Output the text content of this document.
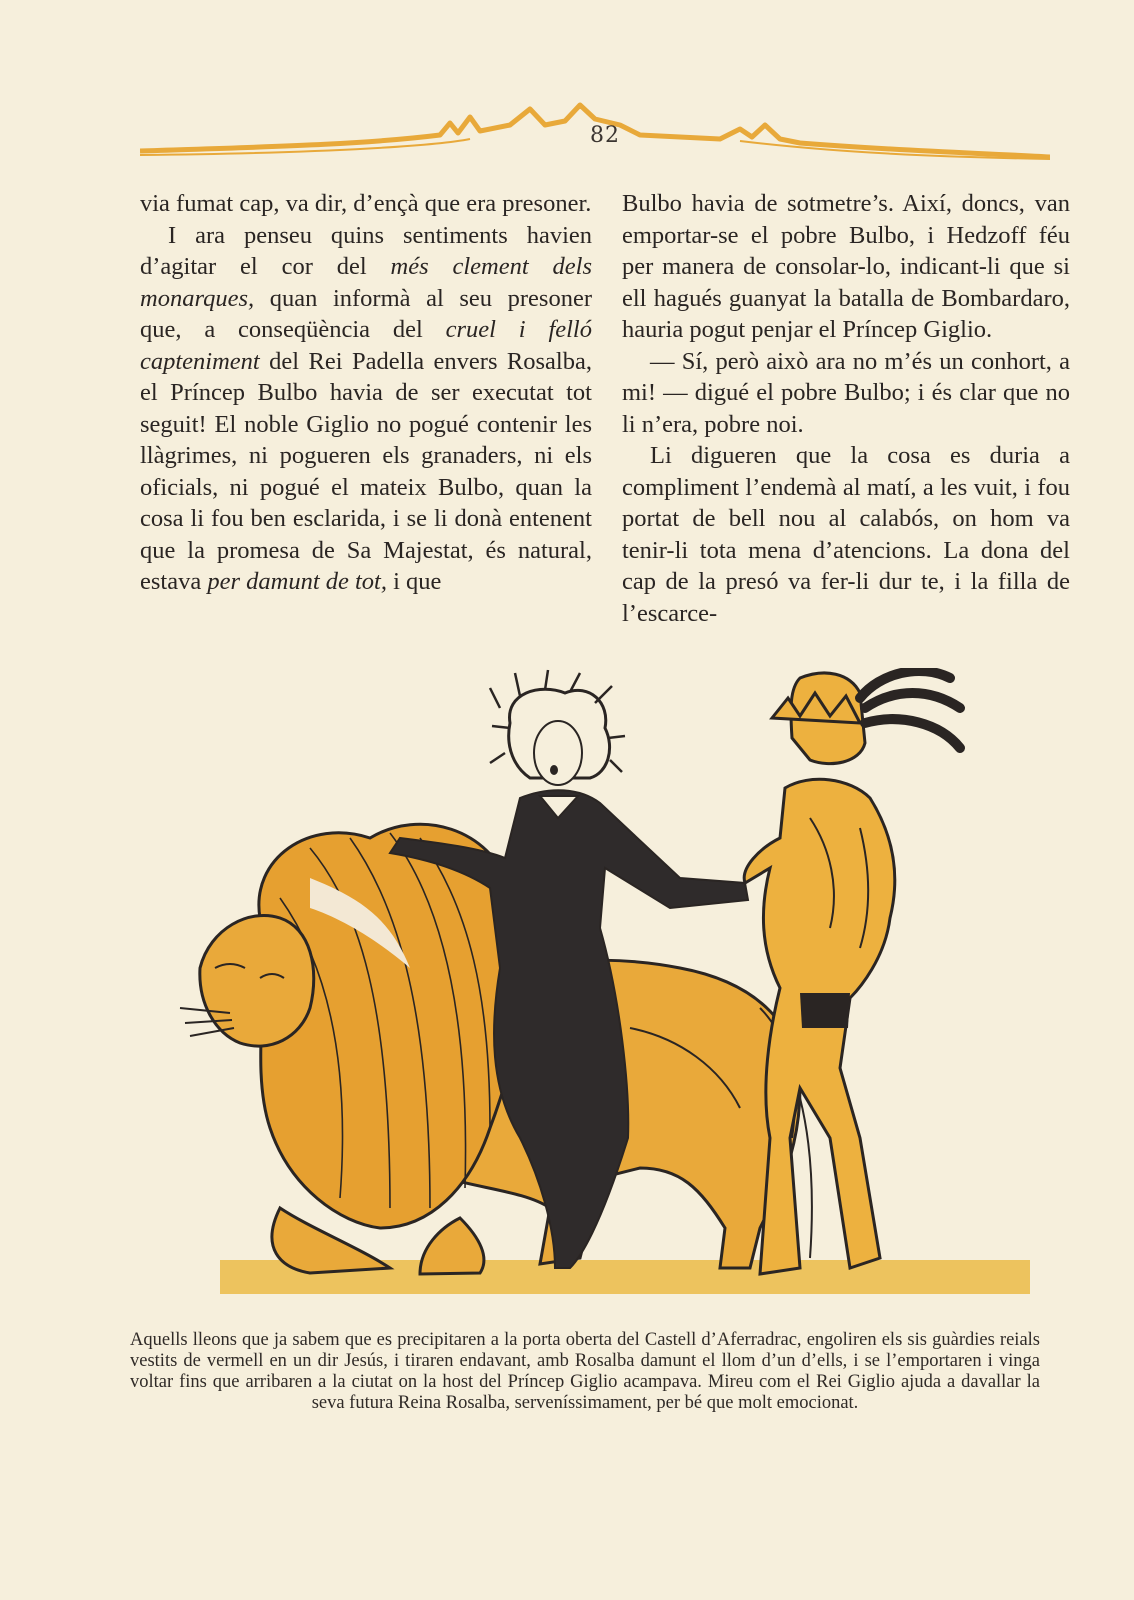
82

via fumat cap, va dir, d’ençà que era presoner.

I ara penseu quins sentiments havien d’agitar el cor del més clement dels monarques, quan informà al seu presoner que, a conseqüència del cruel i felló capteniment del Rei Padella envers Rosalba, el Príncep Bulbo havia de ser executat tot seguit! El noble Giglio no pogué contenir les llàgrimes, ni pogueren els granaders, ni els oficials, ni pogué el mateix Bulbo, quan la cosa li fou ben esclarida, i se li donà entenent que la promesa de Sa Majestat, és natural, estava per damunt de tot, i que

Bulbo havia de sotmetre’s. Així, doncs, van emportar-se el pobre Bulbo, i Hedzoff féu per manera de consolar-lo, indicant-li que si ell hagués guanyat la batalla de Bombardaro, hauria pogut penjar el Príncep Giglio.

— Sí, però això ara no m’és un conhort, a mi! — digué el pobre Bulbo; i és clar que no li n’era, pobre noi.

Li digueren que la cosa es duria a compliment l’endemà al matí, a les vuit, i fou portat de bell nou al calabós, on hom va tenir-li tota mena d’atencions. La dona del cap de la presó va fer-li dur te, i la filla de l’escarce-

Aquells lleons que ja sabem que es precipitaren a la porta oberta del Castell d’Aferradrac, engoliren els sis guàrdies reials vestits de vermell en un dir Jesús, i tiraren endavant, amb Rosalba damunt el llom d’un d’ells, i se l’emportaren i vinga voltar fins que arribaren a la ciutat on la host del Príncep Giglio acampava. Mireu com el Rei Giglio ajuda a davallar la seva futura Reina Rosalba, serveníssimament, per bé que molt emocionat.
